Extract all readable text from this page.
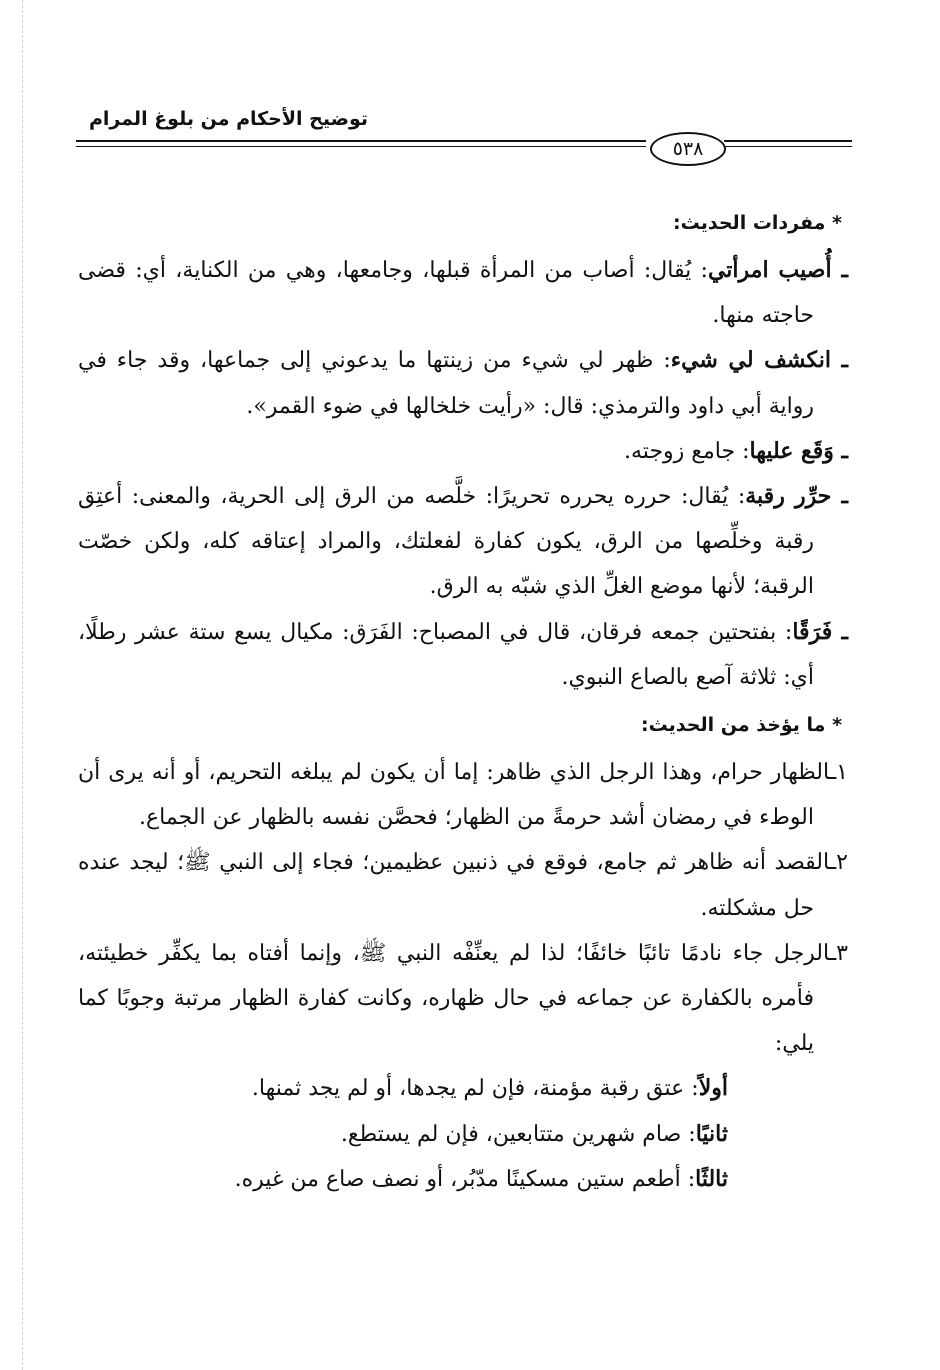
توضيح الأحكام من بلوغ المرام
٥٣٨
* مفردات الحديث:

ـ أُصيب امرأتي: يُقال: أصاب من المرأة قبلها، وجامعها، وهي من الكناية، أي: قضى حاجته منها.

ـ انكشف لي شيء: ظهر لي شيء من زينتها ما يدعوني إلى جماعها، وقد جاء في رواية أبي داود والترمذي: قال: «رأيت خلخالها في ضوء القمر».

ـ وَقَع عليها: جامع زوجته.

ـ حرِّر رقبة: يُقال: حرره يحرره تحريرًا: خلَّصه من الرق إلى الحرية، والمعنى: أعتِق رقبة وخلِّصها من الرق، يكون كفارة لفعلتك، والمراد إعتاقه كله، ولكن خصّت الرقبة؛ لأنها موضع الغلِّ الذي شبّه به الرق.

ـ فَرَقًا: بفتحتين جمعه فرقان، قال في المصباح: الفَرَق: مكيال يسع ستة عشر رطلًا، أي: ثلاثة آصع بالصاع النبوي.

* ما يؤخذ من الحديث:

١ـالظهار حرام، وهذا الرجل الذي ظاهر: إما أن يكون لم يبلغه التحريم، أو أنه يرى أن الوطء في رمضان أشد حرمةً من الظهار؛ فحصَّن نفسه بالظهار عن الجماع.

٢ـالقصد أنه ظاهر ثم جامع، فوقع في ذنبين عظيمين؛ فجاء إلى النبي ﷺ؛ ليجد عنده حل مشكلته.

٣ـالرجل جاء نادمًا تائبًا خائفًا؛ لذا لم يعنِّفْه النبي ﷺ، وإنما أفتاه بما يكفِّر خطيئته، فأمره بالكفارة عن جماعه في حال ظهاره، وكانت كفارة الظهار مرتبة وجوبًا كما يلي:

أولاً: عتق رقبة مؤمنة، فإن لم يجدها، أو لم يجد ثمنها.
ثانيًا: صام شهرين متتابعين، فإن لم يستطع.
ثالثًا: أطعم ستين مسكينًا مدّبُر، أو نصف صاع من غيره.
